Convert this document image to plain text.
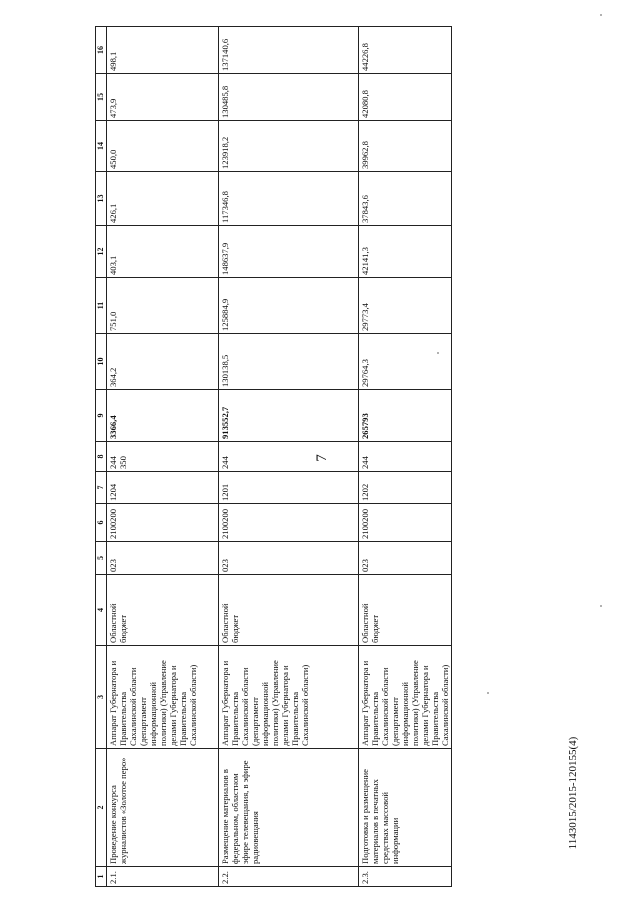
7
1143015/2015-120155(4)
1	2	3	4	5	6	7	8	9	10	11	12	13	14	15	16
2.1.	Проведение конкурса журналистов «Золотое перо»	Аппарат Губернатора и Правительства Сахалинской области (департамент информационной политики) (Управление делами Губернатора и Правительства Сахалинской области)	Областной бюджет	023	2100200	1204	244 350	3366,4	364,2	751,0	403,1	426,1	450,0	473,9	498,1
2.2.	Размещение материалов в федеральном, областном эфире телевещания, в эфире радиовещания	Аппарат Губернатора и Правительства Сахалинской области (департамент информационной политики) (Управление делами Губернатора и Правительства Сахалинской области)	Областной бюджет	023	2100200	1201	244	913552,7	130138,5	125884,9	148637,9	117346,8	123918,2	130485,8	137140,6
2.3.	Подготовка и размещение материалов в печатных средствах массовой информации	Аппарат Губернатора и Правительства Сахалинской области (департамент информационной политики) (Управление делами Губернатора и Правительства Сахалинской области)	Областной бюджет	023	2100200	1202	244	265793	29764,3	29773,4	42141,3	37843,6	39962,8	42080,8	44226,8
